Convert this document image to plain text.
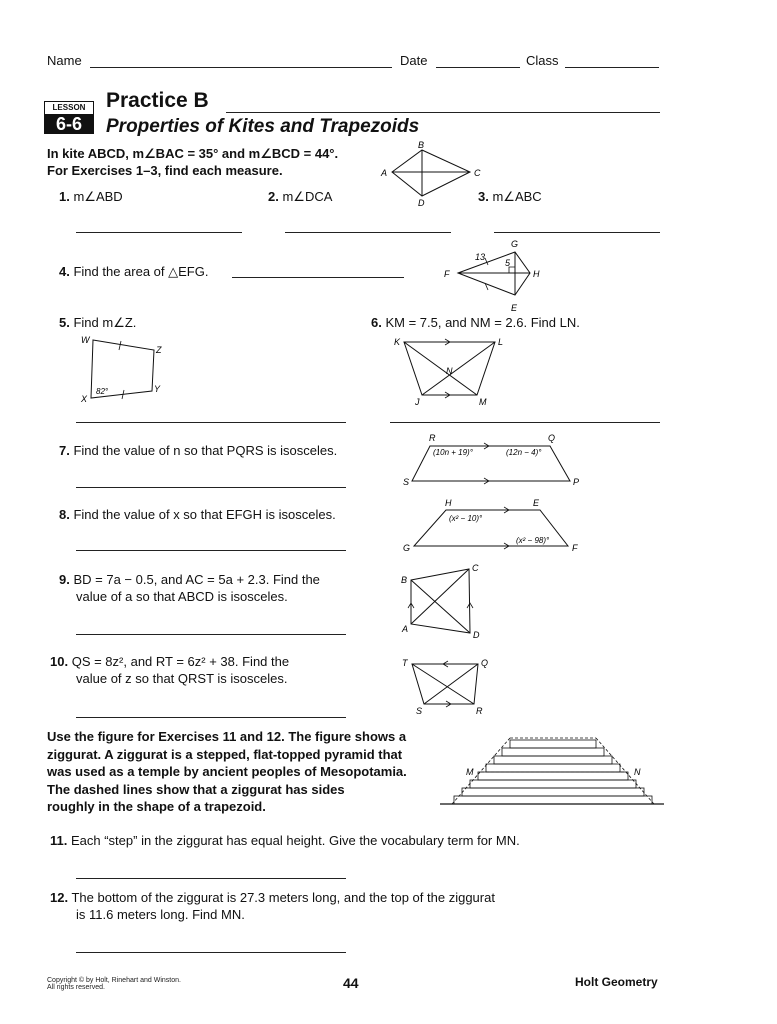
Name	Date	Class
LESSON
6-6
Practice B
Properties of Kites and Trapezoids
In kite ABCD, m∠BAC = 35° and m∠BCD = 44°.
For Exercises 1–3, find each measure.	A
B
C
D
1. m∠ABD	2. m∠DCA	3. m∠ABC
4. Find the area of △EFG.
G
F	H
E
13
5
5. Find m∠Z.
W
Z
Y
X
82°
6. KM = 7.5, and NM = 2.6. Find LN.
K	L
J	M
N
7. Find the value of n so that PQRS is isosceles.
R	Q
S	P
(10n + 19)°	(12n − 4)°
8. Find the value of x so that EFGH is isosceles.
H	E
G	F
(x² − 10)°
(x² − 98)°
9. BD = 7a − 0.5, and AC = 5a + 2.3. Find the
value of a so that ABCD is isosceles.
B
C
A
D
10. QS = 8z², and RT = 6z² + 38. Find the
value of z so that QRST is isosceles.
T	Q
S	R
Use the figure for Exercises 11 and 12. The figure shows a
ziggurat. A ziggurat is a stepped, flat-topped pyramid that
was used as a temple by ancient peoples of Mesopotamia.
The dashed lines show that a ziggurat has sides
roughly in the shape of a trapezoid.
M	N
11. Each “step” in the ziggurat has equal height. Give the vocabulary term for MN.
12. The bottom of the ziggurat is 27.3 meters long, and the top of the ziggurat
is 11.6 meters long. Find MN.
Copyright © by Holt, Rinehart and Winston.
All rights reserved.	44	Holt Geometry
